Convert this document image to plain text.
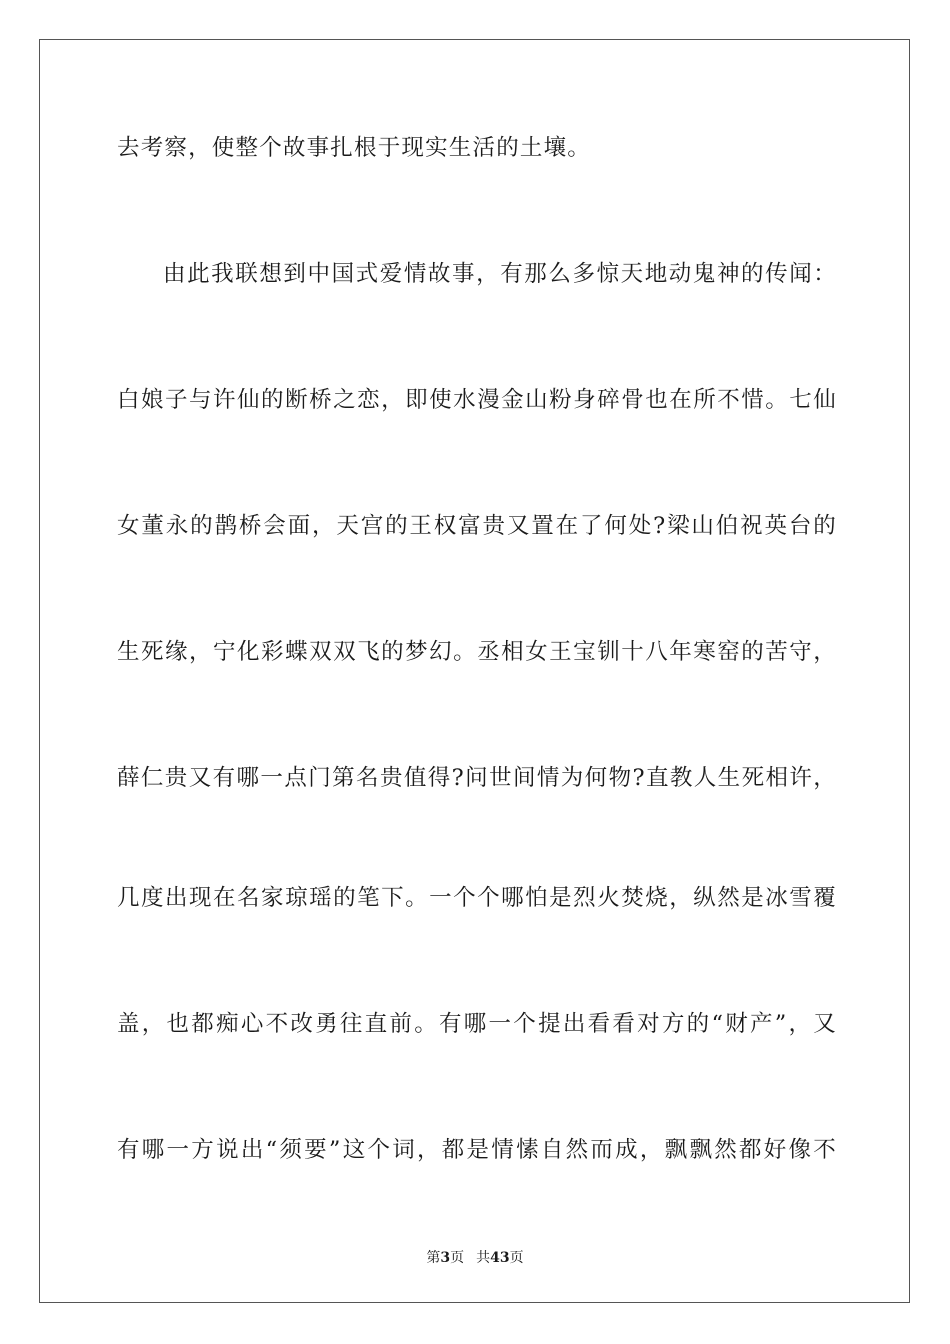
去考察，使整个故事扎根于现实生活的土壤。
由此我联想到中国式爱情故事，有那么多惊天地动鬼神的传闻：
白娘子与许仙的断桥之恋，即使水漫金山粉身碎骨也在所不惜。七仙
女董永的鹊桥会面，天宫的王权富贵又置在了何处?梁山伯祝英台的
生死缘，宁化彩蝶双双飞的梦幻。丞相女王宝钏十八年寒窑的苦守，
薛仁贵又有哪一点门第名贵值得?问世间情为何物?直教人生死相许，
几度出现在名家琼瑶的笔下。一个个哪怕是烈火焚烧，纵然是冰雪覆
盖，也都痴心不改勇往直前。有哪一个提出看看对方的“财产”，又
有哪一方说出“须要”这个词，都是情愫自然而成，飘飘然都好像不
第3页 共43页
